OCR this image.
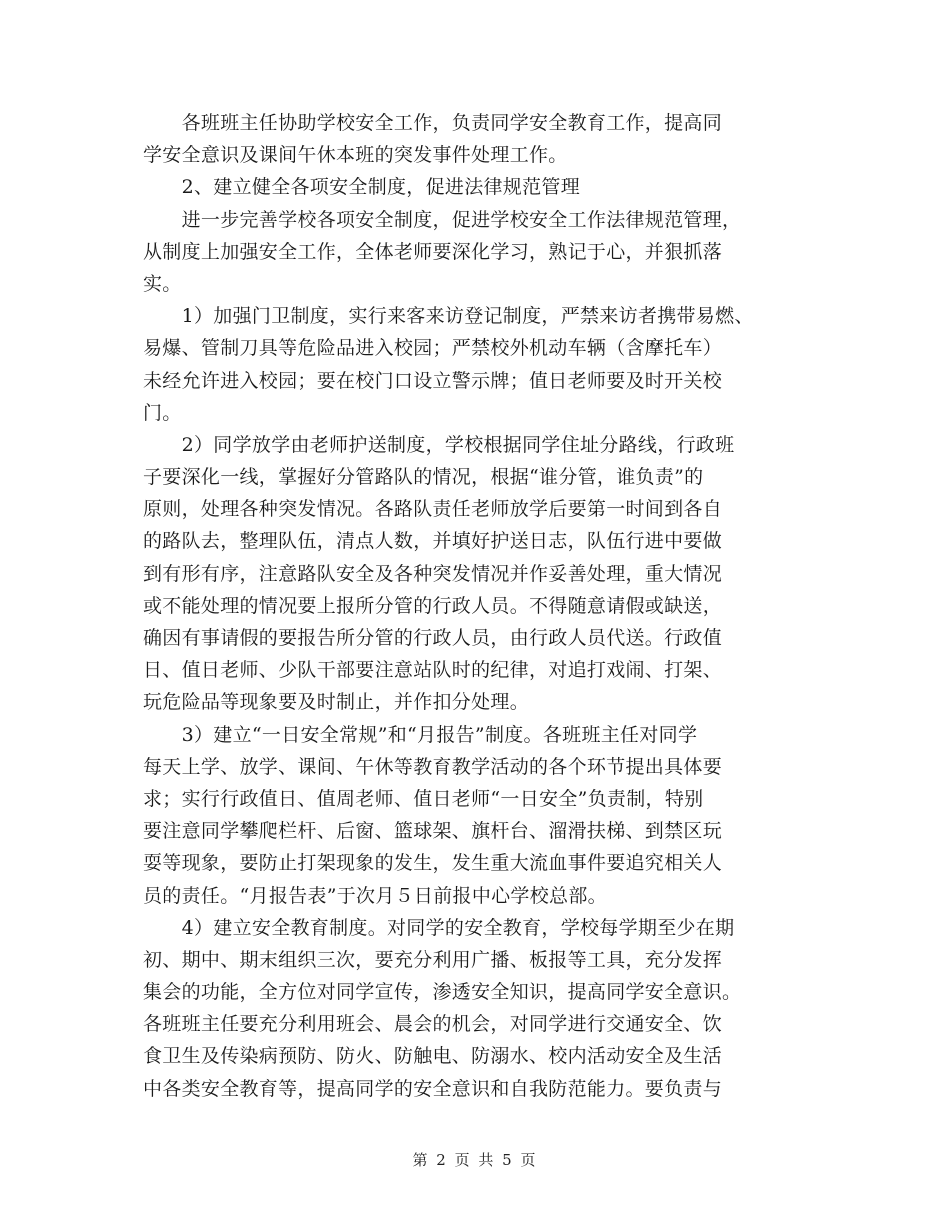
　　各班班主任协助学校安全工作，负责同学安全教育工作，提高同
学安全意识及课间午休本班的突发事件处理工作。
　　2、建立健全各项安全制度，促进法律规范管理
　　进一步完善学校各项安全制度，促进学校安全工作法律规范管理，
从制度上加强安全工作，全体老师要深化学习，熟记于心，并狠抓落
实。
　　1）加强门卫制度，实行来客来访登记制度，严禁来访者携带易燃、
易爆、管制刀具等危险品进入校园；严禁校外机动车辆（含摩托车）
未经允许进入校园；要在校门口设立警示牌；值日老师要及时开关校
门。
　　2）同学放学由老师护送制度，学校根据同学住址分路线，行政班
子要深化一线，掌握好分管路队的情况，根据“谁分管，谁负责”的
原则，处理各种突发情况。各路队责任老师放学后要第一时间到各自
的路队去，整理队伍，清点人数，并填好护送日志，队伍行进中要做
到有形有序，注意路队安全及各种突发情况并作妥善处理，重大情况
或不能处理的情况要上报所分管的行政人员。不得随意请假或缺送，
确因有事请假的要报告所分管的行政人员，由行政人员代送。行政值
日、值日老师、少队干部要注意站队时的纪律，对追打戏闹、打架、
玩危险品等现象要及时制止，并作扣分处理。
　　3）建立“一日安全常规”和“月报告”制度。各班班主任对同学
每天上学、放学、课间、午休等教育教学活动的各个环节提出具体要
求；实行行政值日、值周老师、值日老师“一日安全”负责制，特别
要注意同学攀爬栏杆、后窗、篮球架、旗杆台、溜滑扶梯、到禁区玩
耍等现象，要防止打架现象的发生，发生重大流血事件要追究相关人
员的责任。“月报告表”于次月５日前报中心学校总部。
　　4）建立安全教育制度。对同学的安全教育，学校每学期至少在期
初、期中、期末组织三次，要充分利用广播、板报等工具，充分发挥
集会的功能，全方位对同学宣传，渗透安全知识，提高同学安全意识。
各班班主任要充分利用班会、晨会的机会，对同学进行交通安全、饮
食卫生及传染病预防、防火、防触电、防溺水、校内活动安全及生活
中各类安全教育等，提高同学的安全意识和自我防范能力。要负责与
第 2 页 共 5 页
